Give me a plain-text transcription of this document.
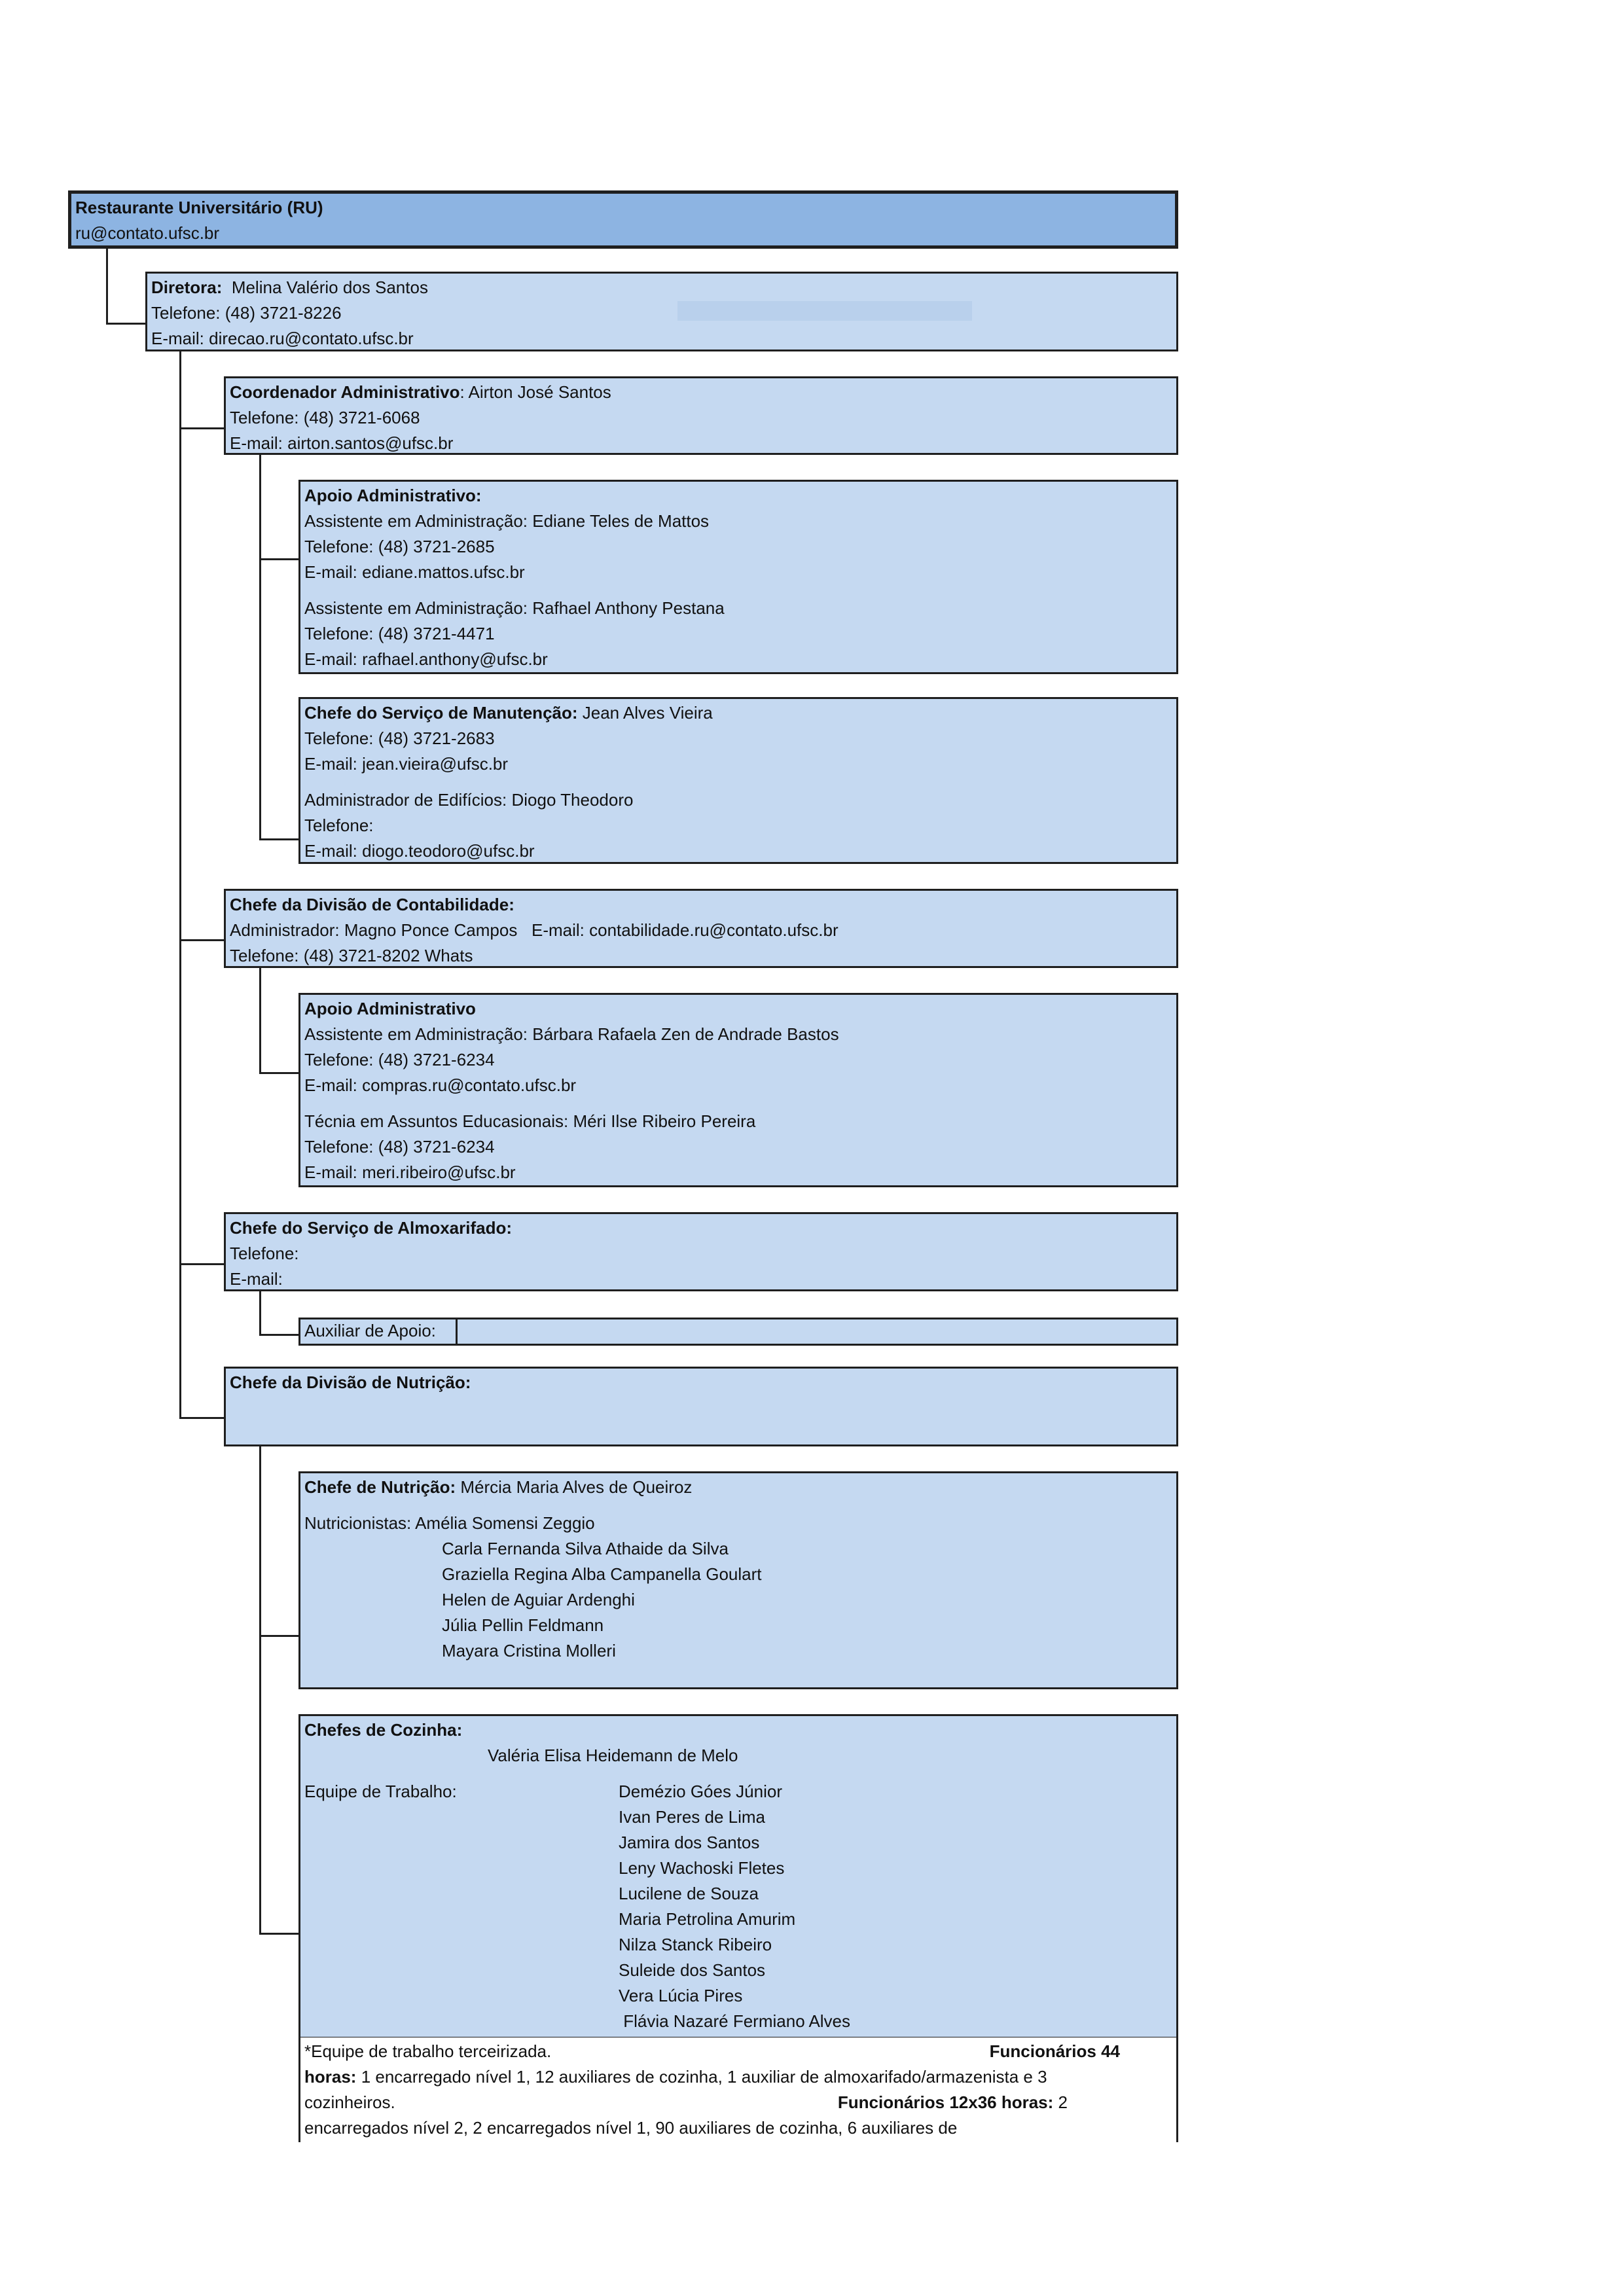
Restaurante Universitário (RU)
ru@contato.ufsc.br
Diretora: Melina Valério dos Santos
Telefone: (48) 3721-8226
E-mail: direcao.ru@contato.ufsc.br
Coordenador Administrativo: Airton José Santos
Telefone: (48) 3721-6068
E-mail: airton.santos@ufsc.br
Apoio Administrativo:
Assistente em Administração: Ediane Teles de Mattos
Telefone: (48) 3721-2685
E-mail: ediane.mattos.ufsc.br
Assistente em Administração: Rafhael Anthony Pestana
Telefone: (48) 3721-4471
E-mail: rafhael.anthony@ufsc.br
Chefe do Serviço de Manutenção: Jean Alves Vieira
Telefone: (48) 3721-2683
E-mail: jean.vieira@ufsc.br
Administrador de Edifícios: Diogo Theodoro
Telefone:
E-mail: diogo.teodoro@ufsc.br
Chefe da Divisão de Contabilidade:
Administrador: Magno Ponce Campos   E-mail: contabilidade.ru@contato.ufsc.br
Telefone: (48) 3721-8202 Whats
Apoio Administrativo
Assistente em Administração: Bárbara Rafaela Zen de Andrade Bastos
Telefone: (48) 3721-6234
E-mail: compras.ru@contato.ufsc.br
Técnia em Assuntos Educasionais: Méri Ilse Ribeiro Pereira
Telefone: (48) 3721-6234
E-mail: meri.ribeiro@ufsc.br
Chefe do Serviço de Almoxarifado:
Telefone:
E-mail:
Auxiliar de Apoio:
Chefe da Divisão de Nutrição:
Chefe de Nutrição: Mércia Maria Alves de Queiroz
Nutricionistas: Amélia Somensi Zeggio
Carla Fernanda Silva Athaide da Silva
Graziella Regina Alba Campanella Goulart
Helen de Aguiar Ardenghi
Júlia Pellin Feldmann
Mayara Cristina Molleri
Chefes de Cozinha:
Valéria Elisa Heidemann de Melo
Equipe de Trabalho:	Demézio Góes Júnior
Ivan Peres de Lima
Jamira dos Santos
Leny Wachoski Fletes
Lucilene de Souza
Maria Petrolina Amurim
Nilza Stanck Ribeiro
Suleide dos Santos
Vera Lúcia Pires
Flávia Nazaré Fermiano Alves
*Equipe de trabalho terceirizada.	Funcionários 44
horas: 1 encarregado nível 1, 12 auxiliares de cozinha, 1 auxiliar de almoxarifado/armazenista e 3
cozinheiros.	Funcionários 12x36 horas: 2
encarregados nível 2, 2 encarregados nível 1, 90 auxiliares de cozinha, 6 auxiliares de
